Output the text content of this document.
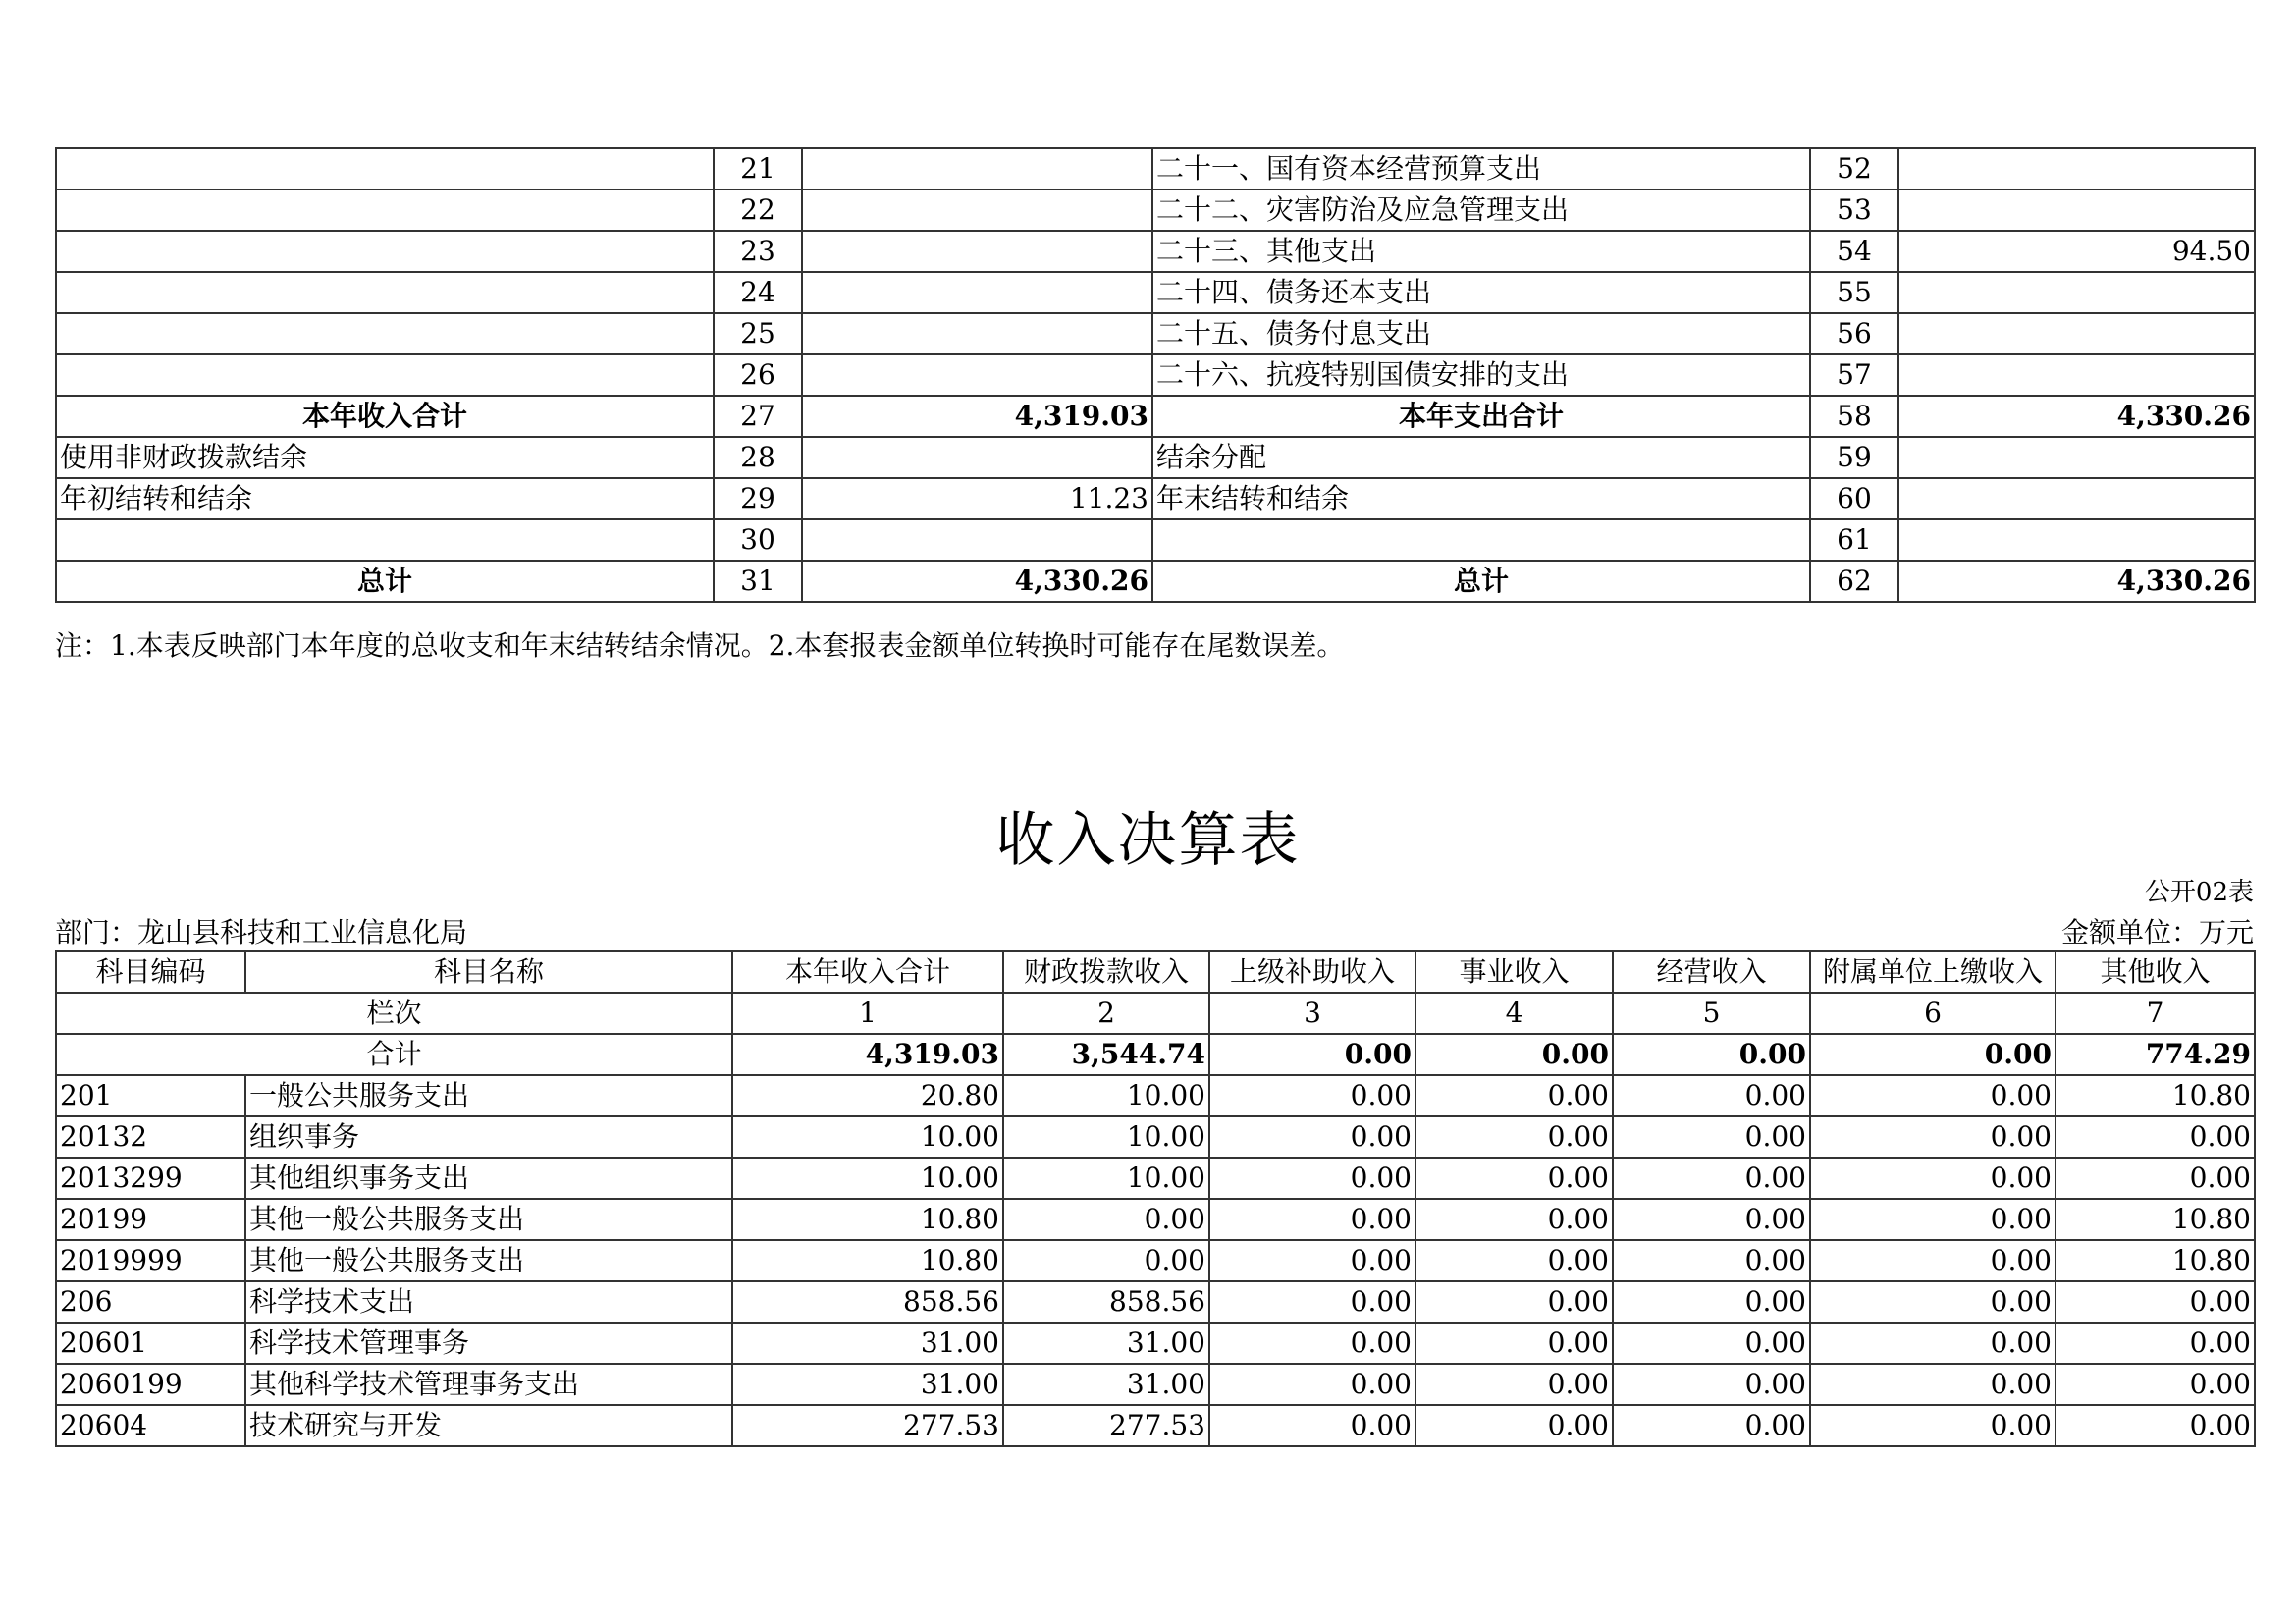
	21		二十一、国有资本经营预算支出	52	
	22		二十二、灾害防治及应急管理支出	53	
	23		二十三、其他支出	54	94.50
	24		二十四、债务还本支出	55	
	25		二十五、债务付息支出	56	
	26		二十六、抗疫特别国债安排的支出	57	
本年收入合计	27	4,319.03	本年支出合计	58	4,330.26
使用非财政拨款结余	28		结余分配	59	
年初结转和结余	29	11.23	年末结转和结余	60	
	30			61	
总计	31	4,330.26	总计	62	4,330.26
注：1.本表反映部门本年度的总收支和年末结转结余情况。2.本套报表金额单位转换时可能存在尾数误差。
收入决算表
公开02表
部门：龙山县科技和工业信息化局	金额单位：万元
科目编码	科目名称	本年收入合计	财政拨款收入	上级补助收入	事业收入	经营收入	附属单位上缴收入	其他收入
栏次		1	2	3	4	5	6	7
合计		4,319.03	3,544.74	0.00	0.00	0.00	0.00	774.29
201	一般公共服务支出	20.80	10.00	0.00	0.00	0.00	0.00	10.80
20132	组织事务	10.00	10.00	0.00	0.00	0.00	0.00	0.00
2013299	其他组织事务支出	10.00	10.00	0.00	0.00	0.00	0.00	0.00
20199	其他一般公共服务支出	10.80	0.00	0.00	0.00	0.00	0.00	10.80
2019999	其他一般公共服务支出	10.80	0.00	0.00	0.00	0.00	0.00	10.80
206	科学技术支出	858.56	858.56	0.00	0.00	0.00	0.00	0.00
20601	科学技术管理事务	31.00	31.00	0.00	0.00	0.00	0.00	0.00
2060199	其他科学技术管理事务支出	31.00	31.00	0.00	0.00	0.00	0.00	0.00
20604	技术研究与开发	277.53	277.53	0.00	0.00	0.00	0.00	0.00
